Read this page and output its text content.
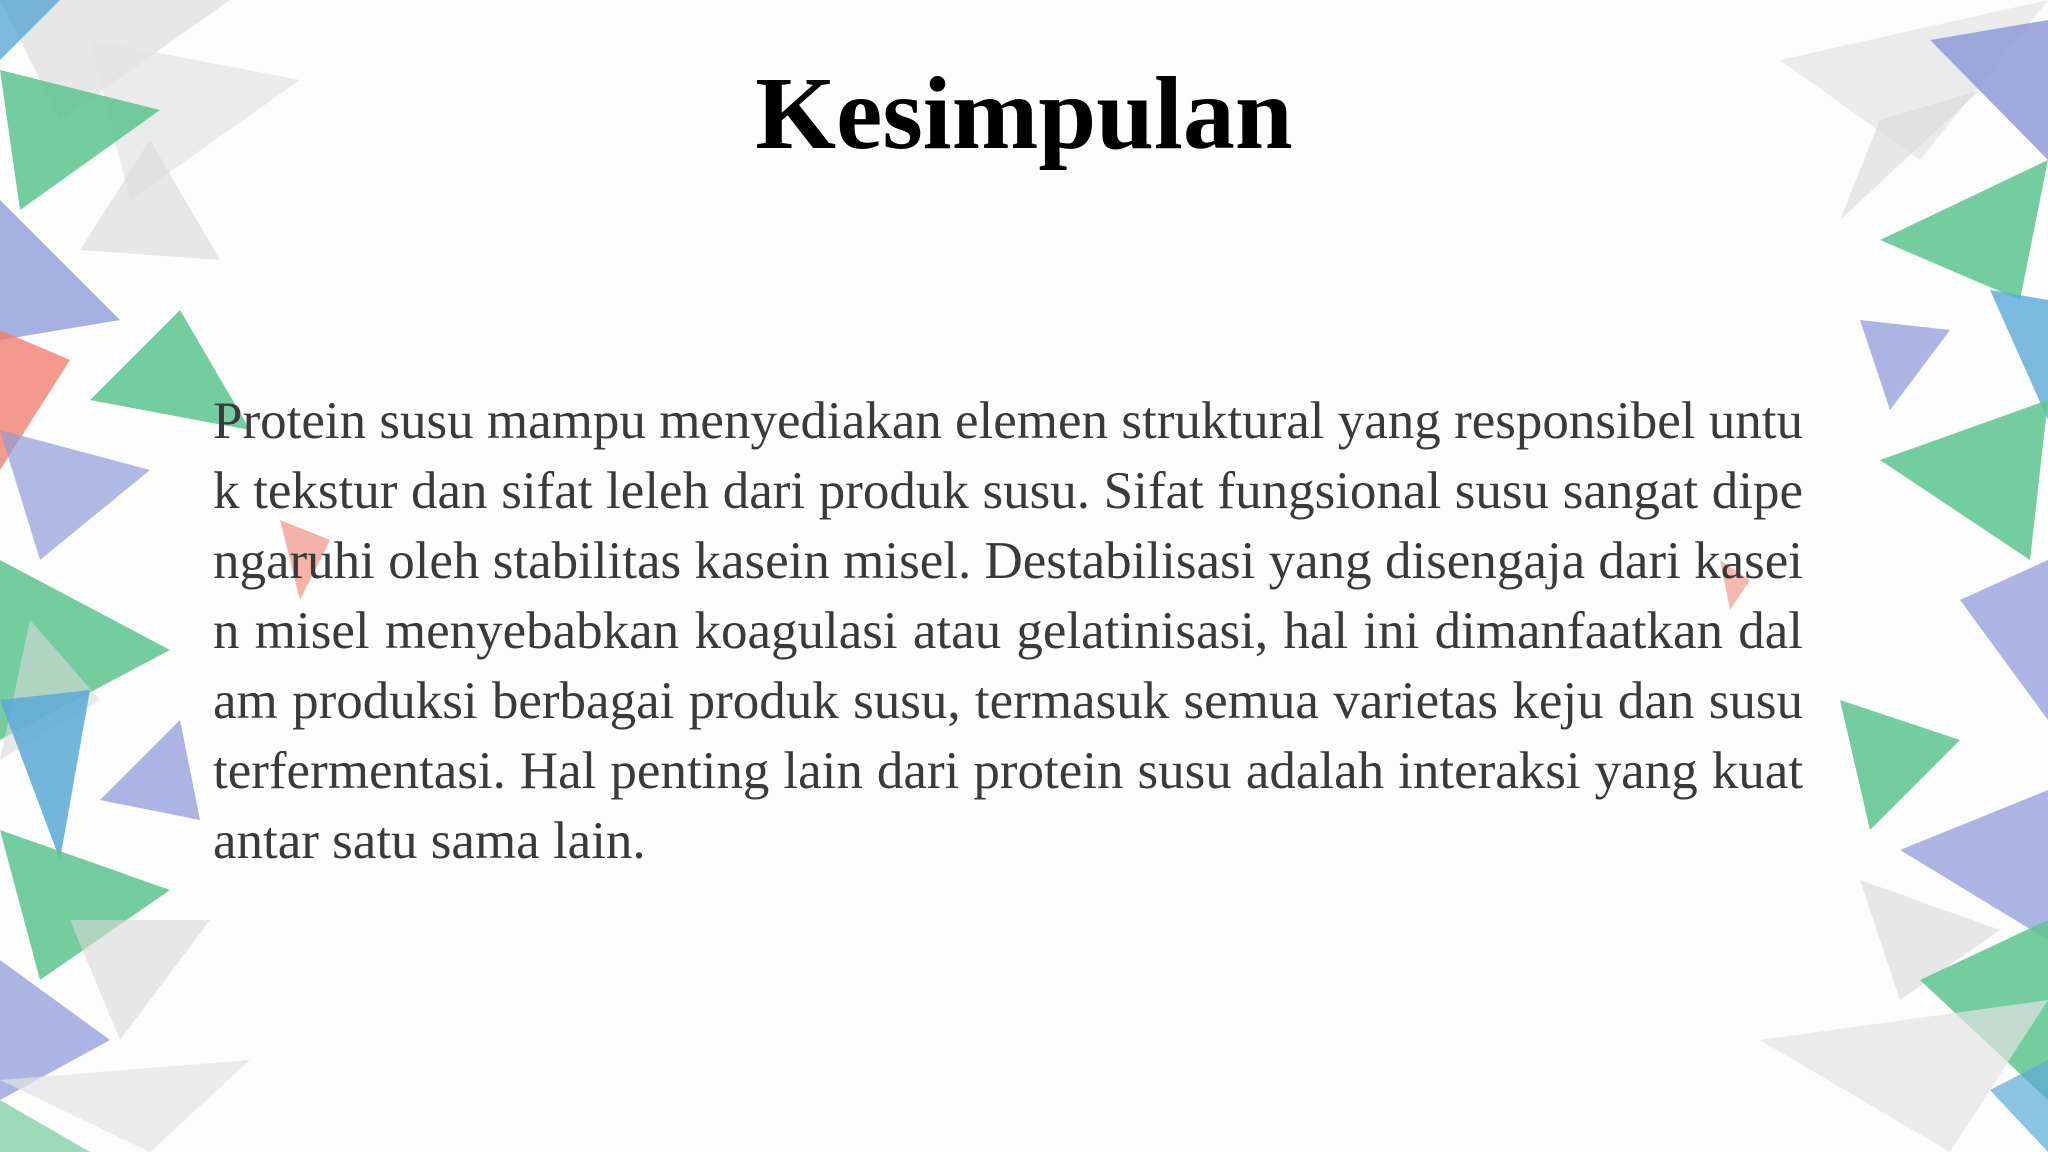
Kesimpulan

Protein susu mampu menyediakan elemen struktural yang responsibel untuk tekstur dan sifat leleh dari produk susu. Sifat fungsional susu sangat dipengaruhi oleh stabilitas kasein misel. Destabilisasi yang disengaja dari kasein misel menyebabkan koagulasi atau gelatinisasi, hal ini dimanfaatkan dalam produksi berbagai produk susu, termasuk semua varietas keju dan susu terfermentasi. Hal penting lain dari protein susu adalah interaksi yang kuat antar satu sama lain.
